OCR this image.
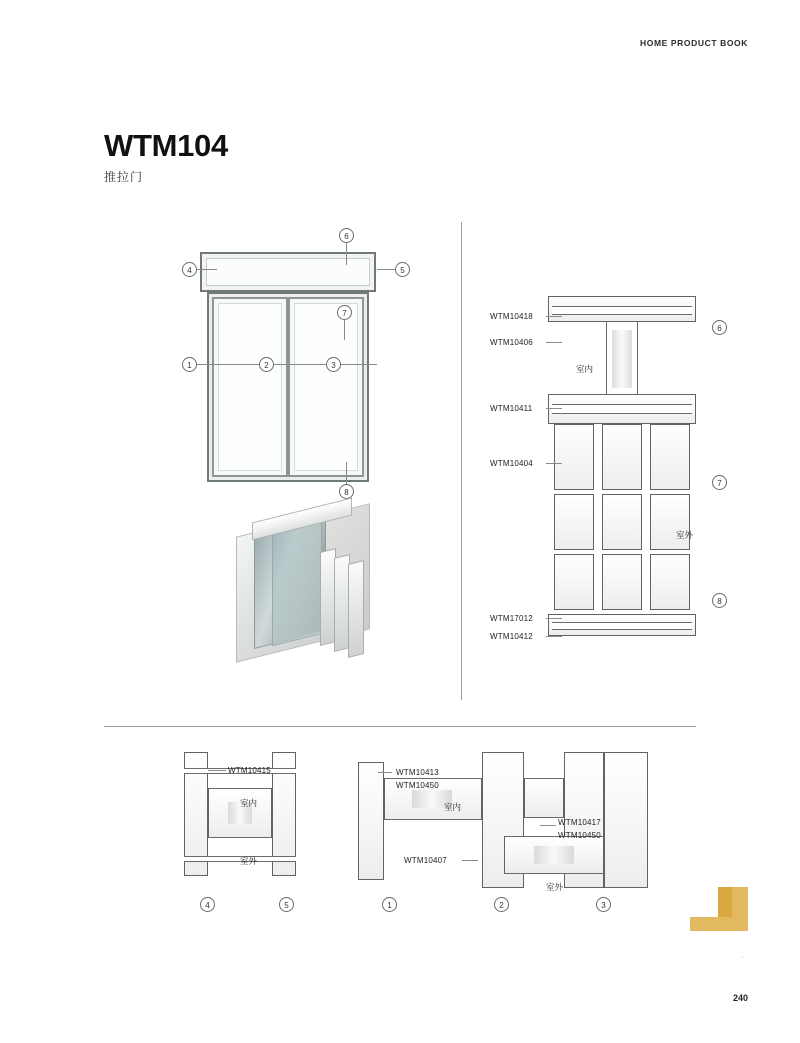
HOME PRODUCT BOOK
WTM104
推拉门
1	2	3
4	5
6
7
8
WTM10418
WTM10406
WTM10411
WTM10404
WTM17012
WTM10412
室内
室外
6
7
8
WTM10415
室内
室外
4	5
WTM10413
WTM10450
WTM10417
WTM10450
WTM10407
室内
室外
1	2	3
·
240
